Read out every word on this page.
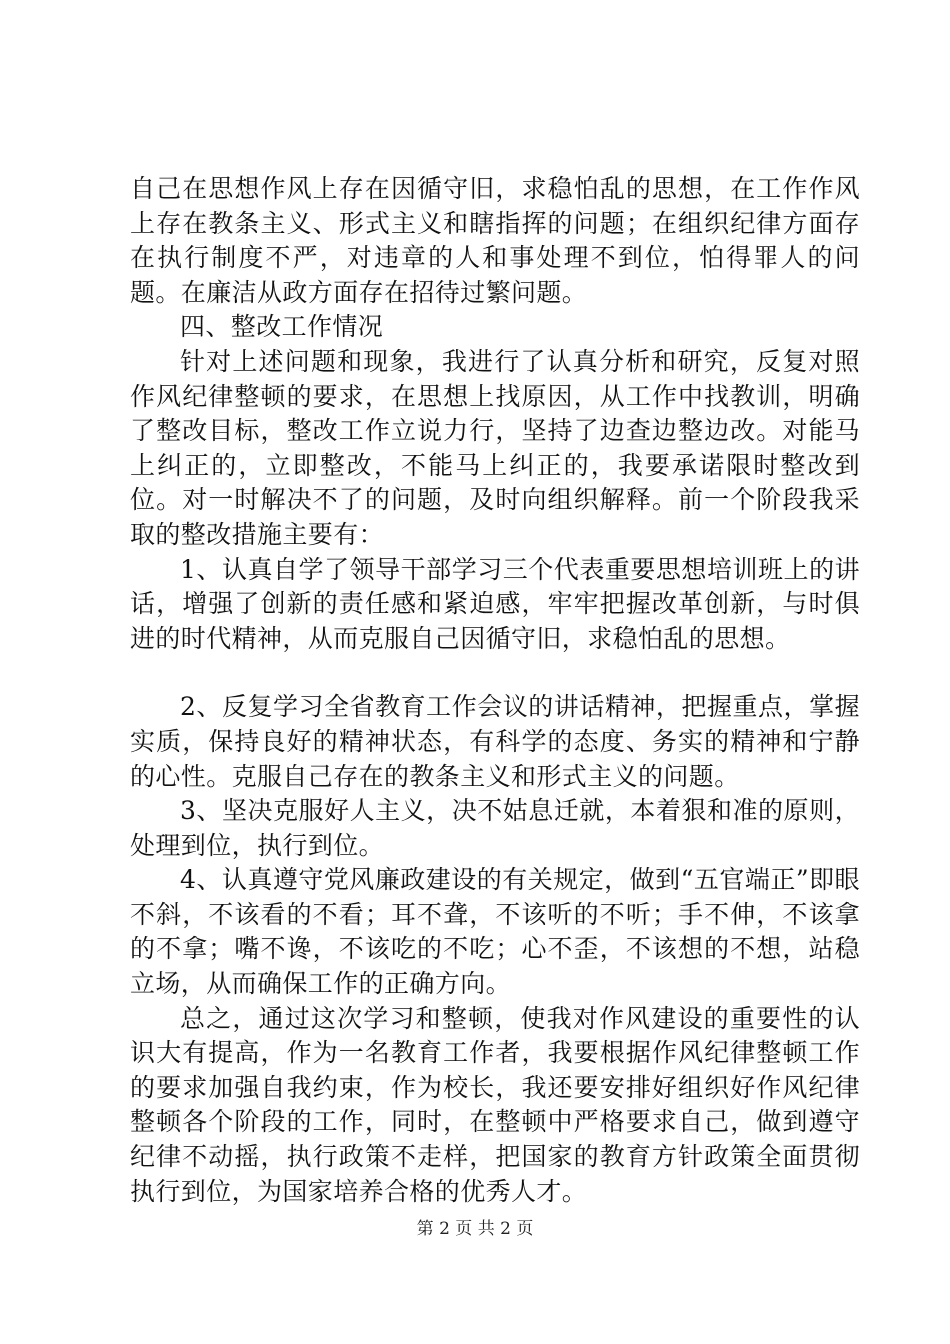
自己在思想作风上存在因循守旧，求稳怕乱的思想，在工作作风上存在教条主义、形式主义和瞎指挥的问题；在组织纪律方面存在执行制度不严，对违章的人和事处理不到位，怕得罪人的问题。在廉洁从政方面存在招待过繁问题。

四、整改工作情况

针对上述问题和现象，我进行了认真分析和研究，反复对照作风纪律整顿的要求，在思想上找原因，从工作中找教训，明确了整改目标，整改工作立说力行，坚持了边查边整边改。对能马上纠正的，立即整改，不能马上纠正的，我要承诺限时整改到位。对一时解决不了的问题，及时向组织解释。前一个阶段我采取的整改措施主要有：

1、认真自学了领导干部学习三个代表重要思想培训班上的讲话，增强了创新的责任感和紧迫感，牢牢把握改革创新，与时俱进的时代精神，从而克服自己因循守旧，求稳怕乱的思想。

2、反复学习全省教育工作会议的讲话精神，把握重点，掌握实质，保持良好的精神状态，有科学的态度、务实的精神和宁静的心性。克服自己存在的教条主义和形式主义的问题。

3、坚决克服好人主义，决不姑息迁就，本着狠和准的原则，处理到位，执行到位。

4、认真遵守党风廉政建设的有关规定，做到“五官端正”即眼不斜，不该看的不看；耳不聋，不该听的不听；手不伸，不该拿的不拿；嘴不谗，不该吃的不吃；心不歪，不该想的不想，站稳立场，从而确保工作的正确方向。

总之，通过这次学习和整顿，使我对作风建设的重要性的认识大有提高，作为一名教育工作者，我要根据作风纪律整顿工作的要求加强自我约束，作为校长，我还要安排好组织好作风纪律整顿各个阶段的工作，同时，在整顿中严格要求自己，做到遵守纪律不动摇，执行政策不走样，把国家的教育方针政策全面贯彻执行到位，为国家培养合格的优秀人才。

第 2 页 共 2 页
